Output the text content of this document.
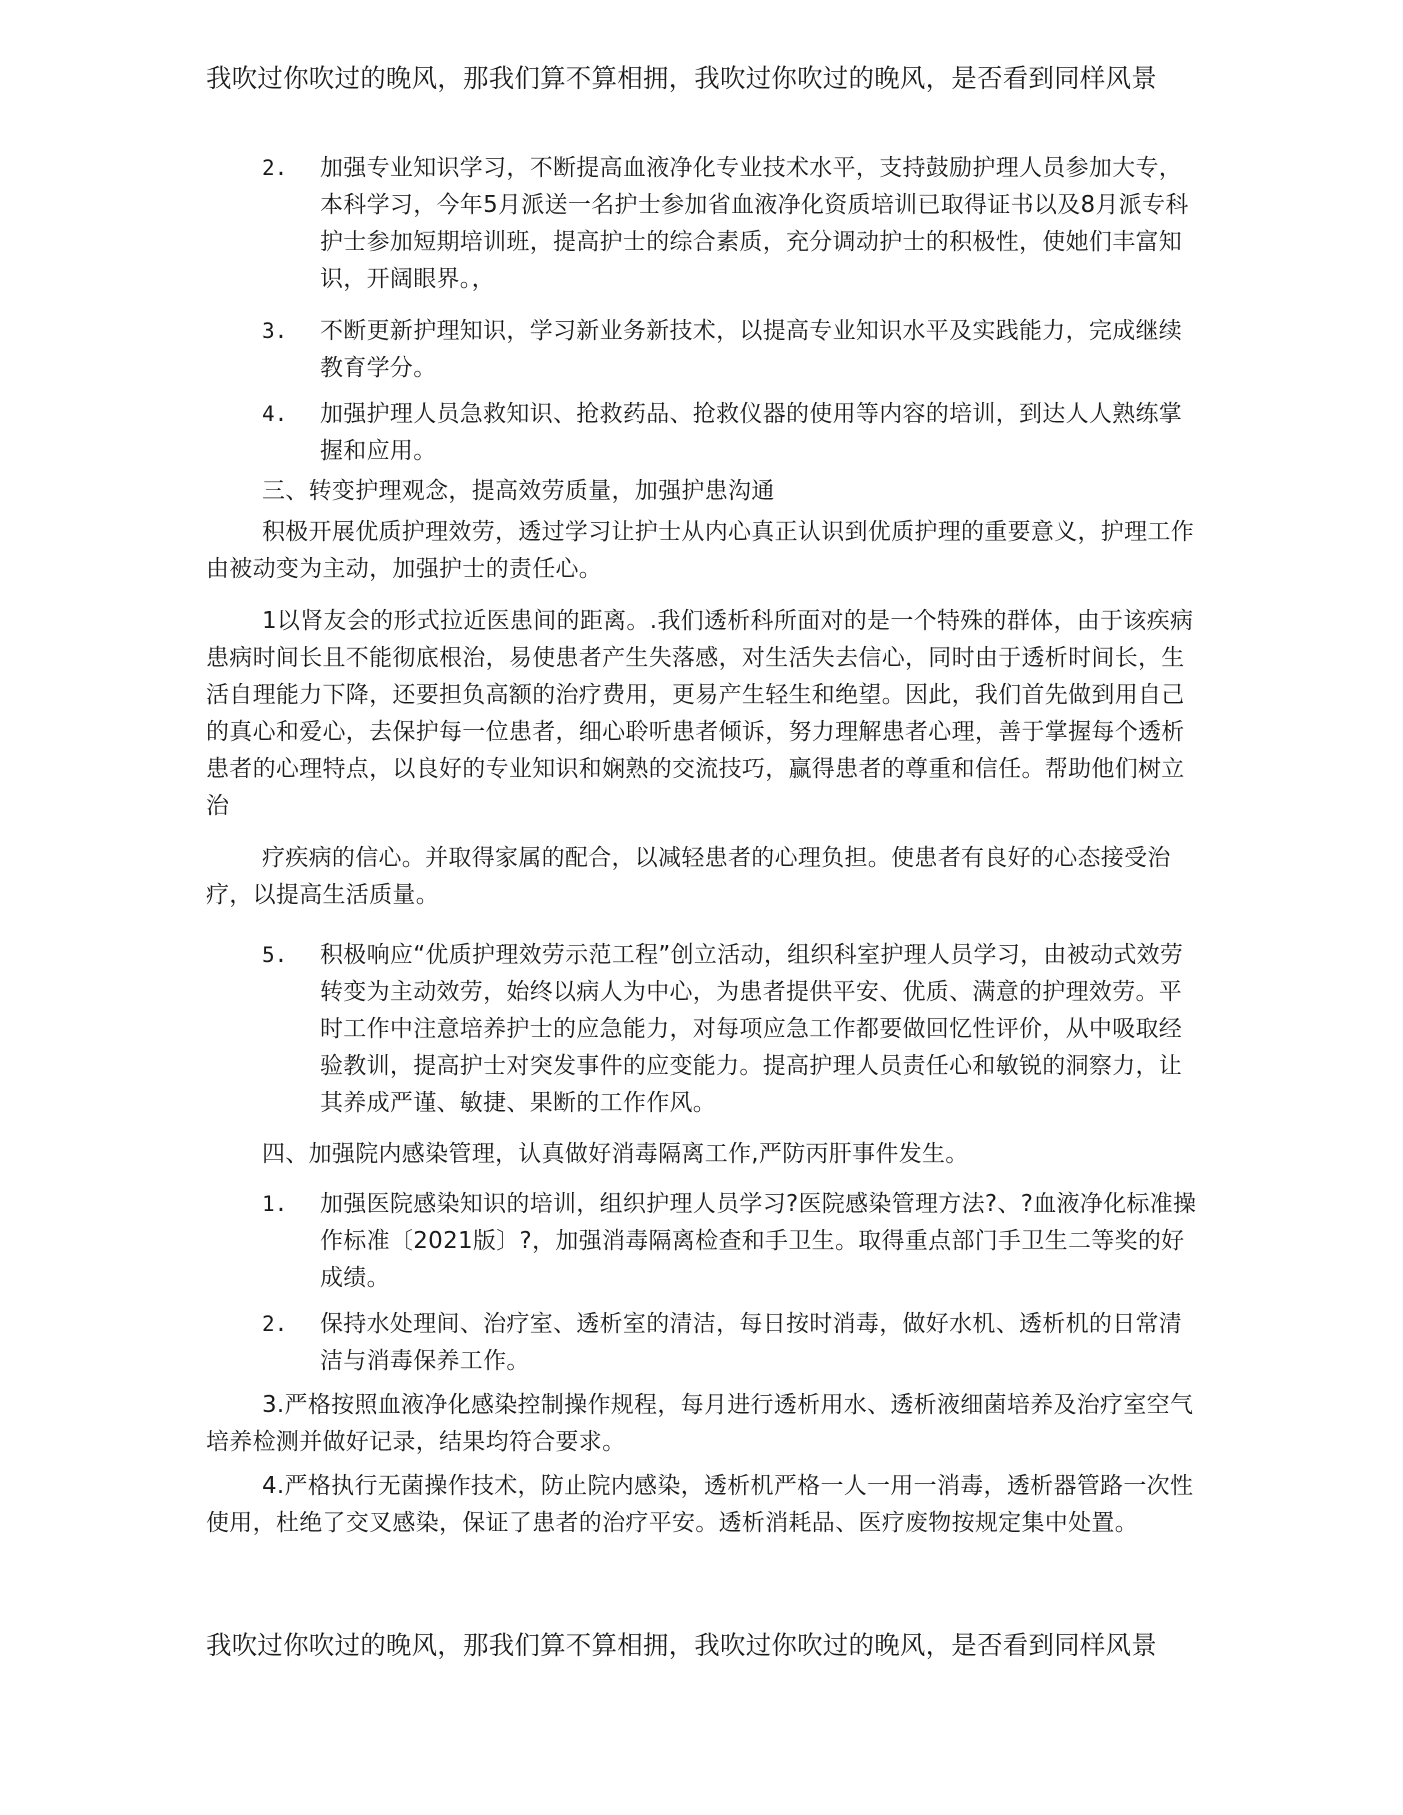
我吹过你吹过的晚风，那我们算不算相拥，我吹过你吹过的晚风，是否看到同样风景
2.	加强专业知识学习，不断提高血液净化专业技术水平，支持鼓励护理人员参加大专，本科学习，今年5月派送一名护士参加省血液净化资质培训已取得证书以及8月派专科护士参加短期培训班，提高护士的综合素质，充分调动护士的积极性，使她们丰富知识，开阔眼界。，
3.	不断更新护理知识，学习新业务新技术，以提高专业知识水平及实践能力，完成继续教育学分。
4.	加强护理人员急救知识、抢救药品、抢救仪器的使用等内容的培训，到达人人熟练掌握和应用。
三、转变护理观念，提高效劳质量，加强护患沟通
积极开展优质护理效劳，透过学习让护士从内心真正认识到优质护理的重要意义，护理工作由被动变为主动，加强护士的责任心。
1以肾友会的形式拉近医患间的距离。.我们透析科所面对的是一个特殊的群体，由于该疾病患病时间长且不能彻底根治，易使患者产生失落感，对生活失去信心，同时由于透析时间长，生活自理能力下降，还要担负高额的治疗费用，更易产生轻生和绝望。因此，我们首先做到用自己的真心和爱心，去保护每一位患者，细心聆听患者倾诉，努力理解患者心理，善于掌握每个透析患者的心理特点，以良好的专业知识和娴熟的交流技巧，赢得患者的尊重和信任。帮助他们树立治
疗疾病的信心。并取得家属的配合，以减轻患者的心理负担。使患者有良好的心态接受治疗，以提高生活质量。
5.	积极响应“优质护理效劳示范工程”创立活动，组织科室护理人员学习，由被动式效劳转变为主动效劳，始终以病人为中心，为患者提供平安、优质、满意的护理效劳。平时工作中注意培养护士的应急能力，对每项应急工作都要做回忆性评价，从中吸取经验教训，提高护士对突发事件的应变能力。提高护理人员责任心和敏锐的洞察力，让其养成严谨、敏捷、果断的工作作风。
四、加强院内感染管理，认真做好消毒隔离工作,严防丙肝事件发生。
1.	加强医院感染知识的培训，组织护理人员学习?医院感染管理方法?、?血液净化标准操作标准〔2021版〕?，加强消毒隔离检查和手卫生。取得重点部门手卫生二等奖的好成绩。
2.	保持水处理间、治疗室、透析室的清洁，每日按时消毒，做好水机、透析机的日常清洁与消毒保养工作。
3.严格按照血液净化感染控制操作规程，每月进行透析用水、透析液细菌培养及治疗室空气培养检测并做好记录，结果均符合要求。
4.严格执行无菌操作技术，防止院内感染，透析机严格一人一用一消毒，透析器管路一次性使用，杜绝了交叉感染，保证了患者的治疗平安。透析消耗品、医疗废物按规定集中处置。
我吹过你吹过的晚风，那我们算不算相拥，我吹过你吹过的晚风，是否看到同样风景
